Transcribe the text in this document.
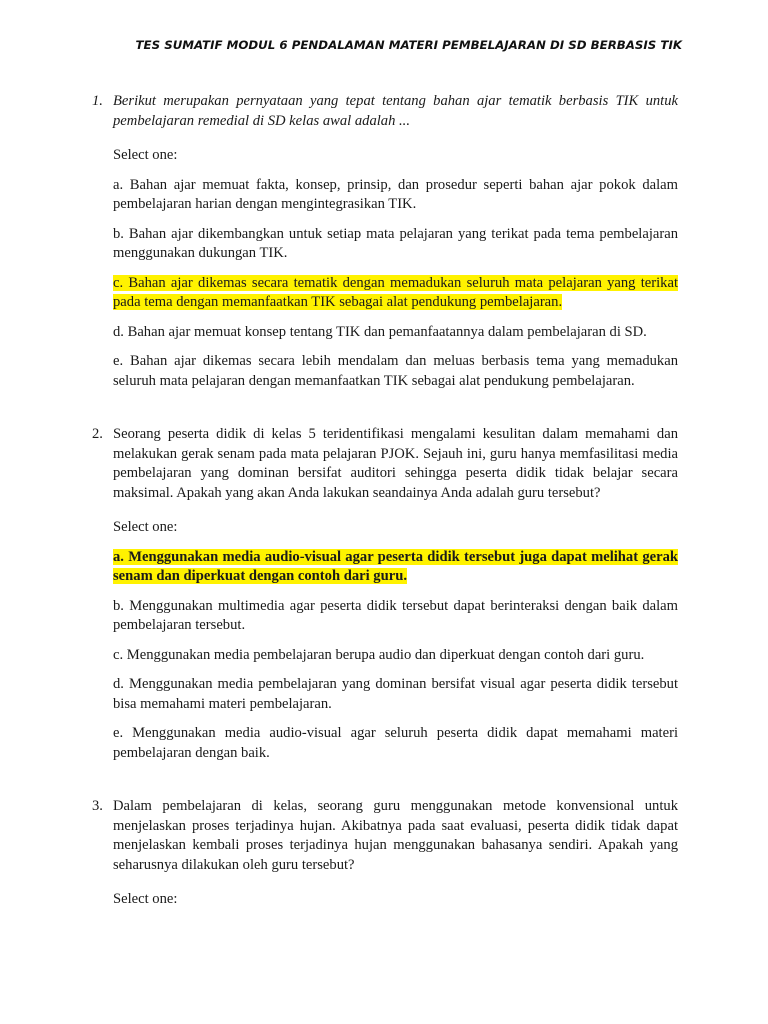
TES SUMATIF MODUL 6 PENDALAMAN MATERI PEMBELAJARAN DI SD BERBASIS TIK
1. Berikut merupakan pernyataan yang tepat tentang bahan ajar tematik berbasis TIK untuk pembelajaran remedial di SD kelas awal adalah ...

Select one:

a. Bahan ajar memuat fakta, konsep, prinsip, dan prosedur seperti bahan ajar pokok dalam pembelajaran harian dengan mengintegrasikan TIK.

b. Bahan ajar dikembangkan untuk setiap mata pelajaran yang terikat pada tema pembelajaran menggunakan dukungan TIK.

c. Bahan ajar dikemas secara tematik dengan memadukan seluruh mata pelajaran yang terikat pada tema dengan memanfaatkan TIK sebagai alat pendukung pembelajaran.

d. Bahan ajar memuat konsep tentang TIK dan pemanfaatannya dalam pembelajaran di SD.

e. Bahan ajar dikemas secara lebih mendalam dan meluas berbasis tema yang memadukan seluruh mata pelajaran dengan memanfaatkan TIK sebagai alat pendukung pembelajaran.

2. Seorang peserta didik di kelas 5 teridentifikasi mengalami kesulitan dalam memahami dan melakukan gerak senam pada mata pelajaran PJOK. Sejauh ini, guru hanya memfasilitasi media pembelajaran yang dominan bersifat auditori sehingga peserta didik tidak belajar secara maksimal. Apakah yang akan Anda lakukan seandainya Anda adalah guru tersebut?

Select one:

a. Menggunakan media audio-visual agar peserta didik tersebut juga dapat melihat gerak senam dan diperkuat dengan contoh dari guru.

b. Menggunakan multimedia agar peserta didik tersebut dapat berinteraksi dengan baik dalam pembelajaran tersebut.

c. Menggunakan media pembelajaran berupa audio dan diperkuat dengan contoh dari guru.

d. Menggunakan media pembelajaran yang dominan bersifat visual agar peserta didik tersebut bisa memahami materi pembelajaran.

e. Menggunakan media audio-visual agar seluruh peserta didik dapat memahami materi pembelajaran dengan baik.

3. Dalam pembelajaran di kelas, seorang guru menggunakan metode konvensional untuk menjelaskan proses terjadinya hujan. Akibatnya pada saat evaluasi, peserta didik tidak dapat menjelaskan kembali proses terjadinya hujan menggunakan bahasanya sendiri. Apakah yang seharusnya dilakukan oleh guru tersebut?

Select one:
